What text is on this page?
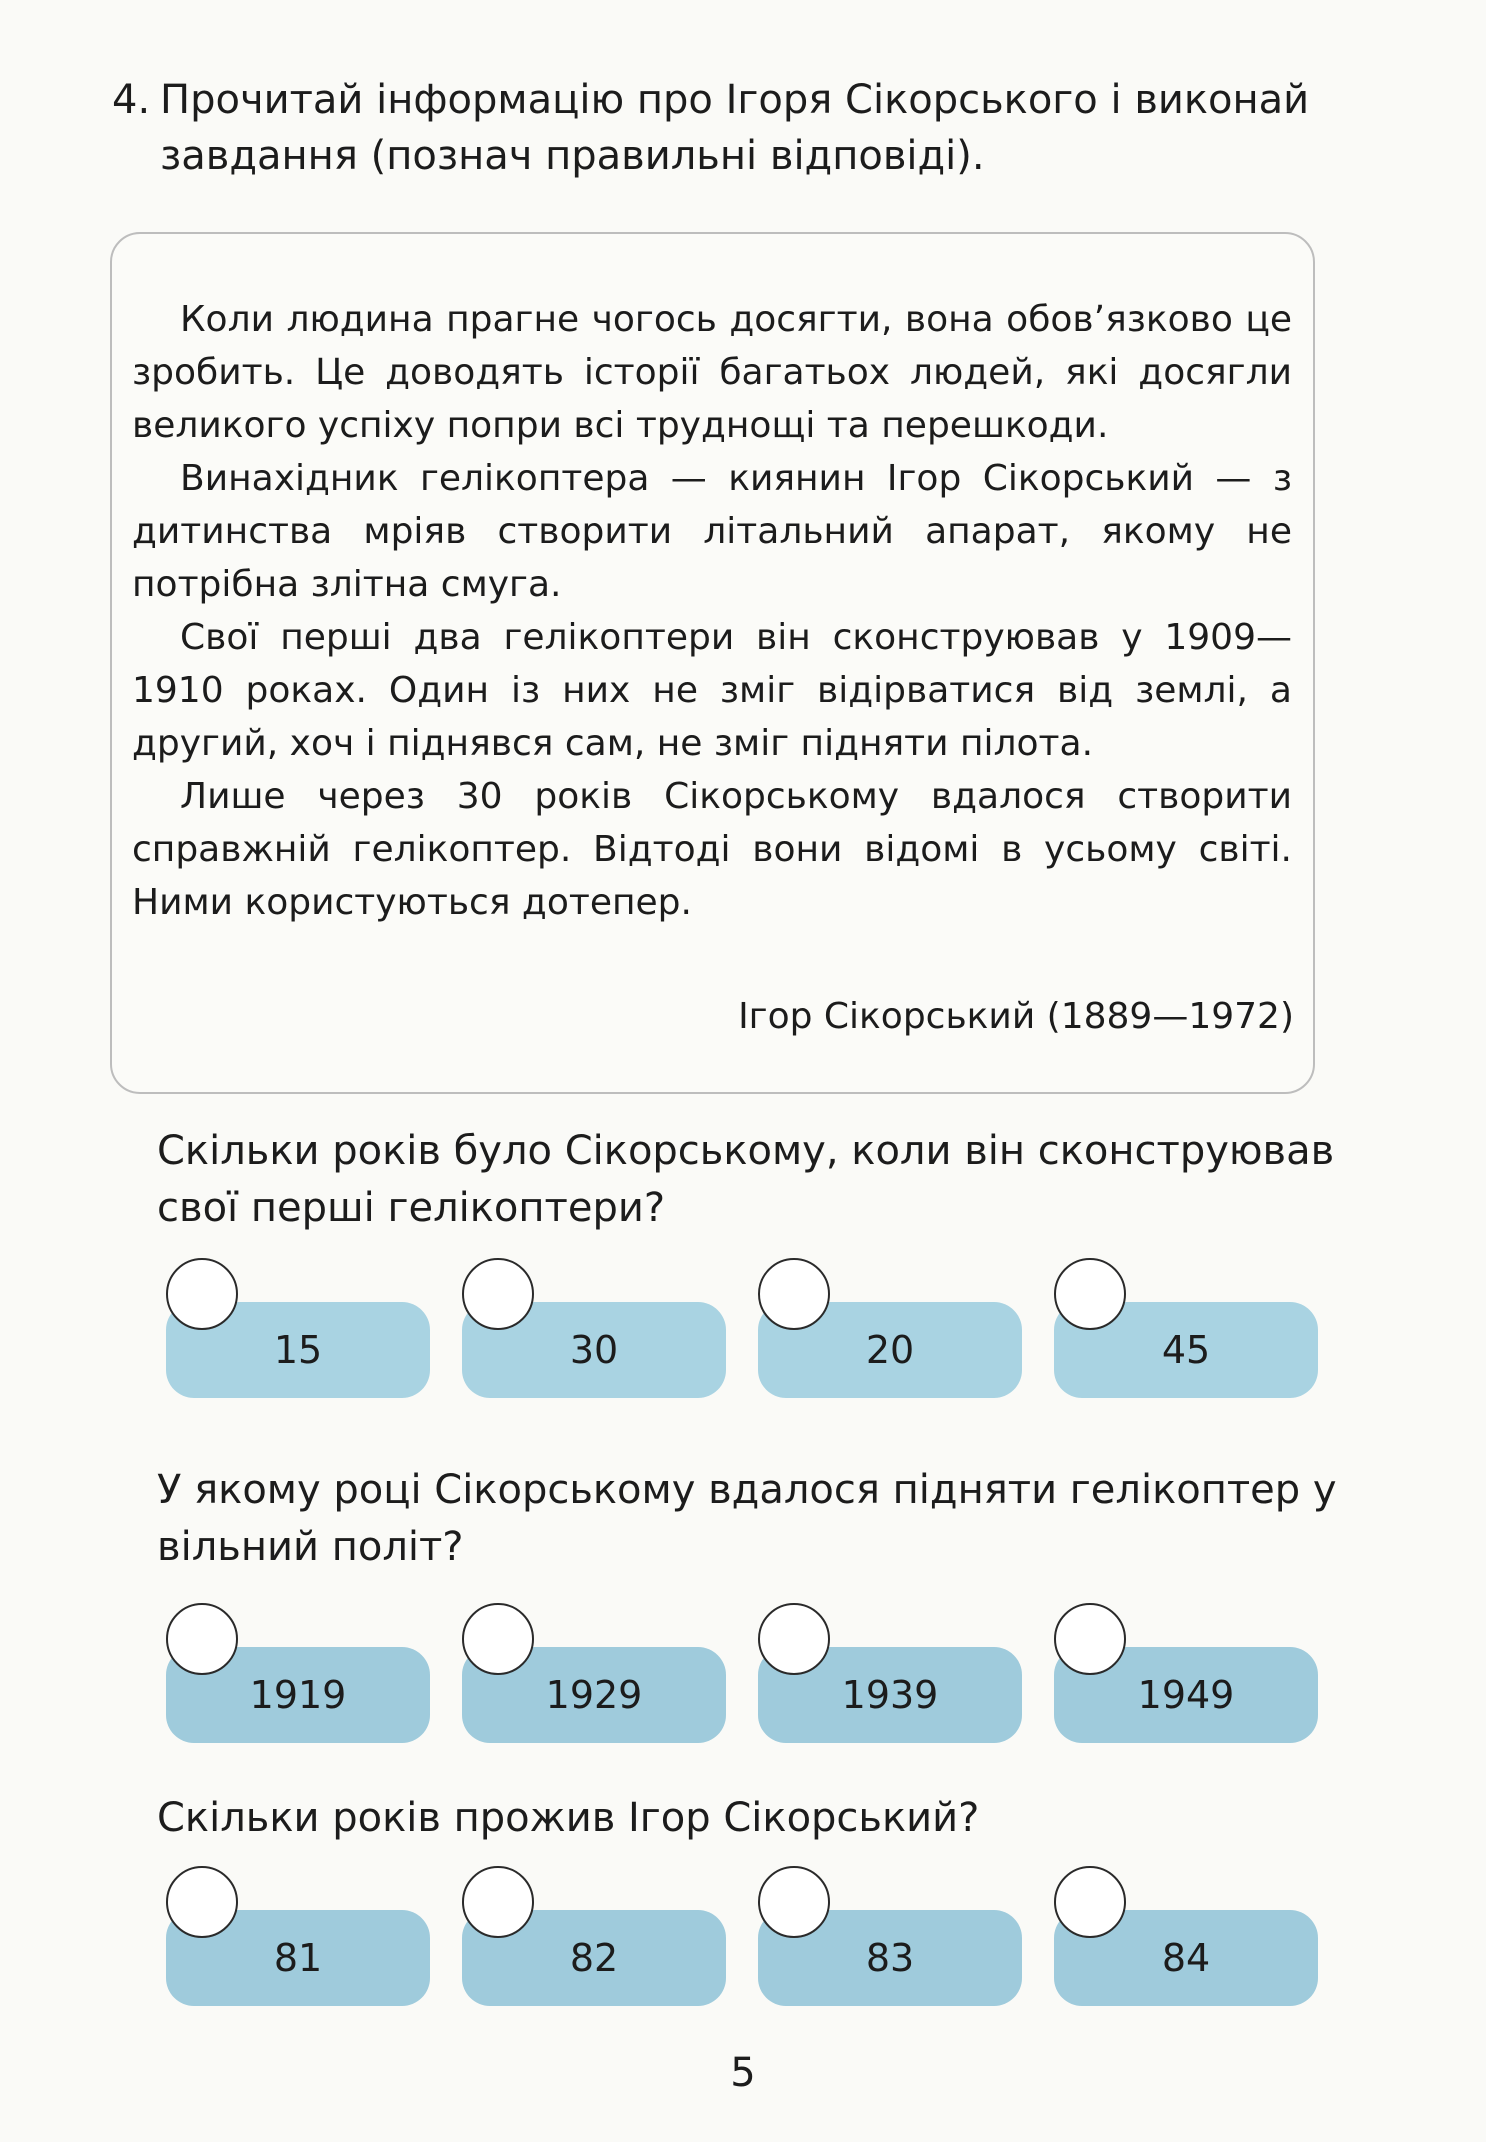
4. Прочитай інформацію про Ігоря Сікорського і виконай завдання (познач правильні відповіді).

Коли людина прагне чогось досягти, вона обов’язково це зробить. Це доводять історії багатьох людей, які досягли великого успіху попри всі труднощі та перешкоди.

Винахідник гелікоптера — киянин Ігор Сікорський — з дитинства мріяв створити літальний апарат, якому не потрібна злітна смуга.

Свої перші два гелікоптери він сконструював у 1909—1910 роках. Один із них не зміг відірватися від землі, а другий, хоч і піднявся сам, не зміг підняти пілота.

Лише через 30 років Сікорському вдалося створити справжній гелікоптер. Відтоді вони відомі в усьому світі. Ними користуються дотепер.

Ігор Сікорський (1889—1972)
Скільки років було Сікорському, коли він сконструював свої перші гелікоптери?
15	30	20	45
У якому році Сікорському вдалося підняти гелікоптер у вільний політ?
1919	1929	1939	1949
Скільки років прожив Ігор Сікорський?
81	82	83	84
5
